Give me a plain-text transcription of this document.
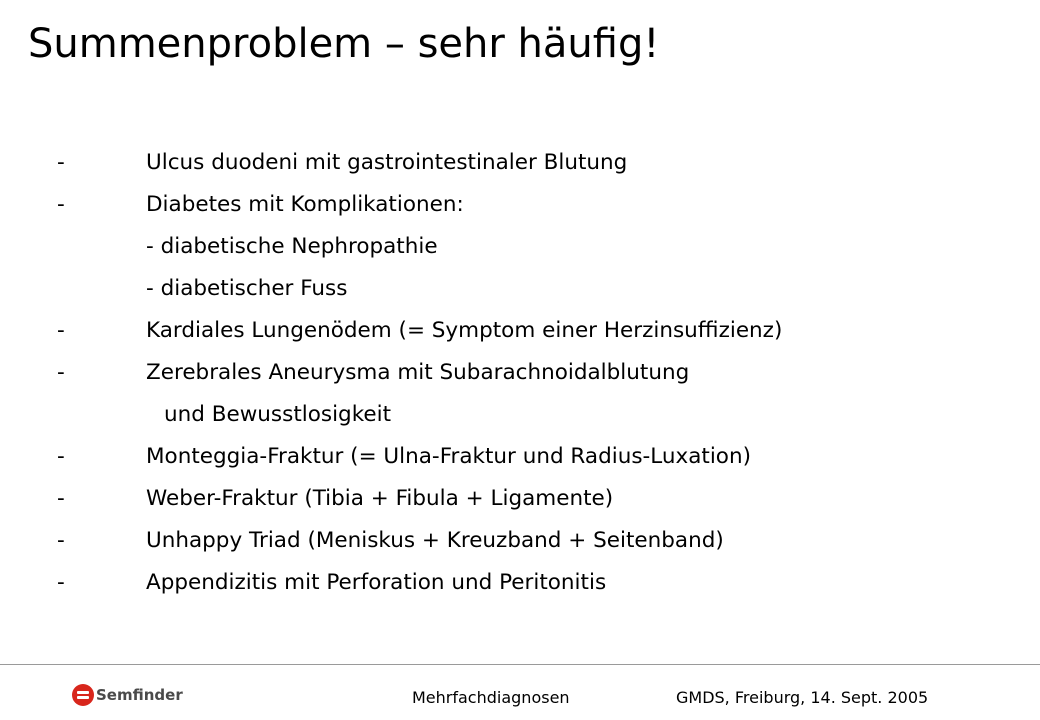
Summenproblem – sehr häufig!
-	Ulcus duodeni mit gastrointestinaler Blutung
-	Diabetes mit Komplikationen:
- diabetische Nephropathie
- diabetischer Fuss
-	Kardiales Lungenödem (= Symptom einer Herzinsuffizienz)
-	Zerebrales Aneurysma mit Subarachnoidalblutung
und Bewusstlosigkeit
-	Monteggia-Fraktur (= Ulna-Fraktur und Radius-Luxation)
-	Weber-Fraktur (Tibia + Fibula + Ligamente)
-	Unhappy Triad (Meniskus + Kreuzband + Seitenband)
-	Appendizitis mit Perforation und Peritonitis
Semfinder	Mehrfachdiagnosen	GMDS, Freiburg, 14. Sept. 2005
